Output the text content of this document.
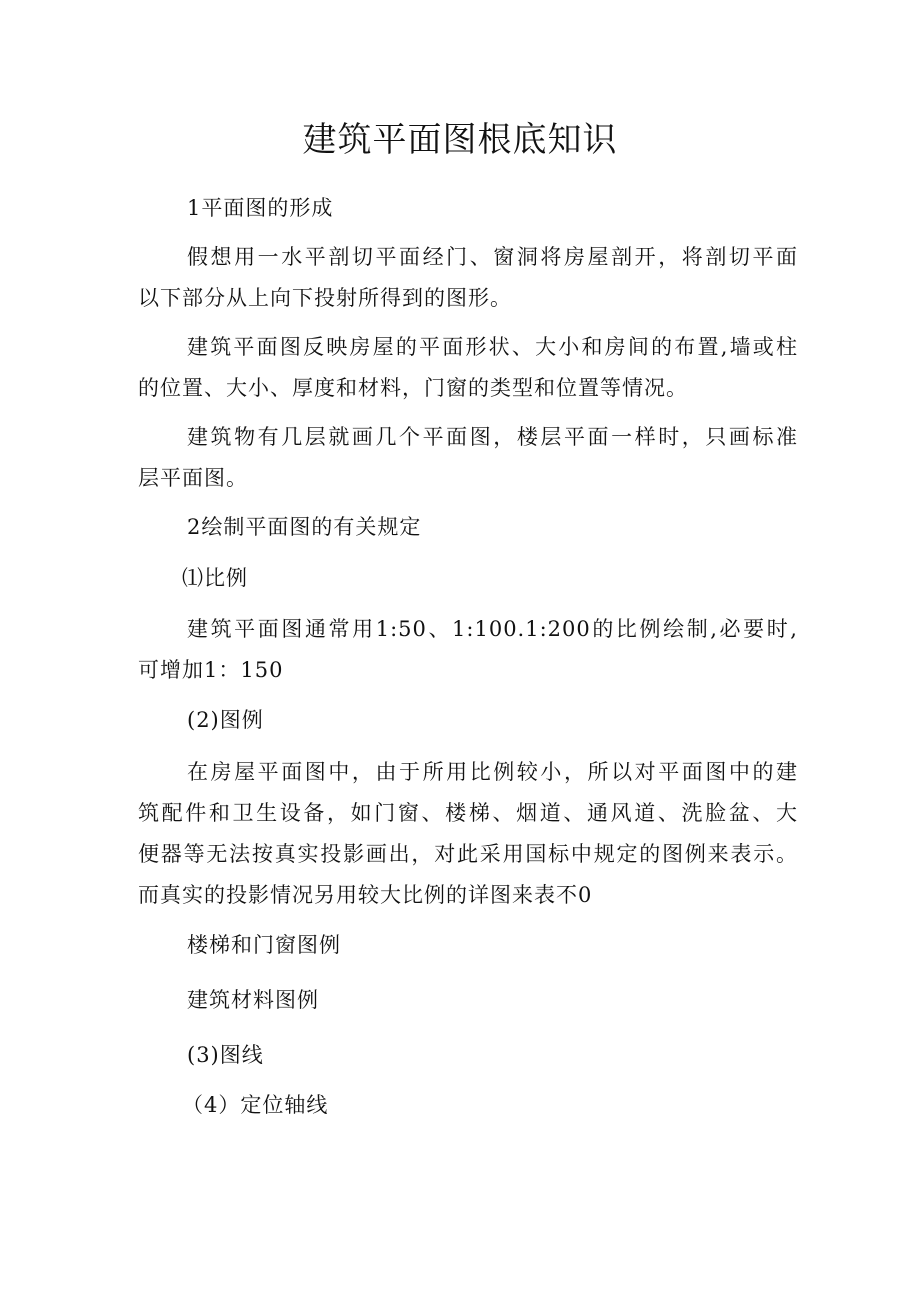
建筑平面图根底知识

1平面图的形成

假想用一水平剖切平面经门、窗洞将房屋剖开，将剖切平面
以下部分从上向下投射所得到的图形。

建筑平面图反映房屋的平面形状、大小和房间的布置,墙或柱
的位置、大小、厚度和材料，门窗的类型和位置等情况。

建筑物有几层就画几个平面图，楼层平面一样时，只画标准
层平面图。

2绘制平面图的有关规定

⑴比例

建筑平面图通常用1:50、1:100.1:200的比例绘制,必要时,
可增加1：150

(2)图例

在房屋平面图中，由于所用比例较小，所以对平面图中的建
筑配件和卫生设备，如门窗、楼梯、烟道、通风道、洗脸盆、大
便器等无法按真实投影画出，对此采用国标中规定的图例来表示。
而真实的投影情况另用较大比例的详图来表不0

楼梯和门窗图例

建筑材料图例

(3)图线

（4）定位轴线
